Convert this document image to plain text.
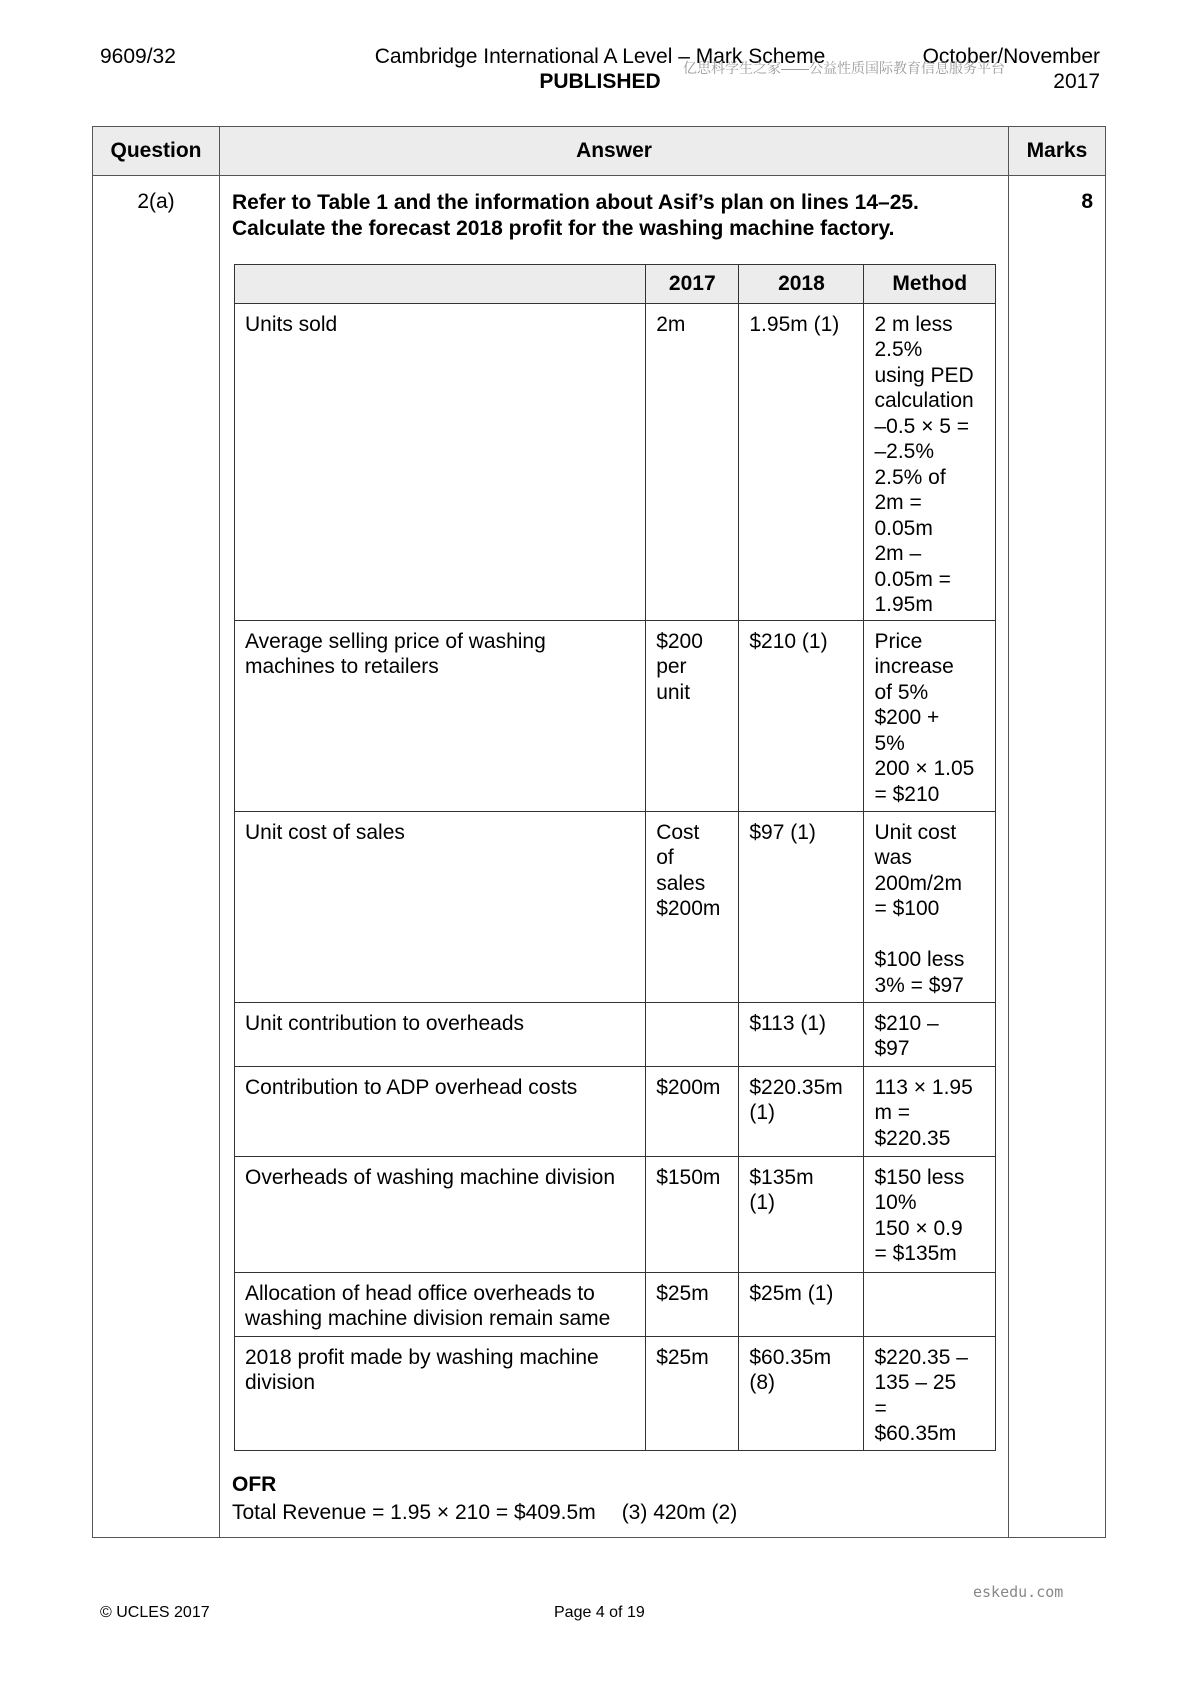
9609/32	Cambridge International A Level – Mark Scheme
PUBLISHED
October/November
2017
亿思科学生之家——公益性质国际教育信息服务平台
Question	Answer	Marks
2(a)	Refer to Table 1 and the information about Asif’s plan on lines 14–25. Calculate the forecast 2018 profit for the washing machine factory.

	2017	2018	Method
Units sold	2m	1.95m (1)	2 m less
2.5%
using PED
calculation
–0.5 × 5 =
–2.5%
2.5% of
2m =
0.05m
2m –
0.05m =
1.95m
Average selling price of washing machines to retailers	$200
per
unit	$210 (1)	Price
increase
of 5%
$200 +
5%
200 × 1.05
= $210
Unit cost of sales	Cost
of
sales
$200m	$97 (1)	Unit cost
was
200m/2m
= $100

$100 less
3% = $97
Unit contribution to overheads		$113 (1)	$210 –
$97
Contribution to ADP overhead costs	$200m	$220.35m
(1)	113 × 1.95
m =
$220.35
Overheads of washing machine division	$150m	$135m
(1)	$150 less
10%
150 × 0.9
= $135m
Allocation of head office overheads to washing machine division remain same	$25m	$25m (1)	
2018 profit made by washing machine division	$25m	$60.35m
(8)	$220.35 –
135 – 25
=
$60.35m
OFR
Total Revenue = 1.95 × 210 = $409.5m (3) 420m (2)
	8
eskedu.com
© UCLES 2017	Page 4 of 19
